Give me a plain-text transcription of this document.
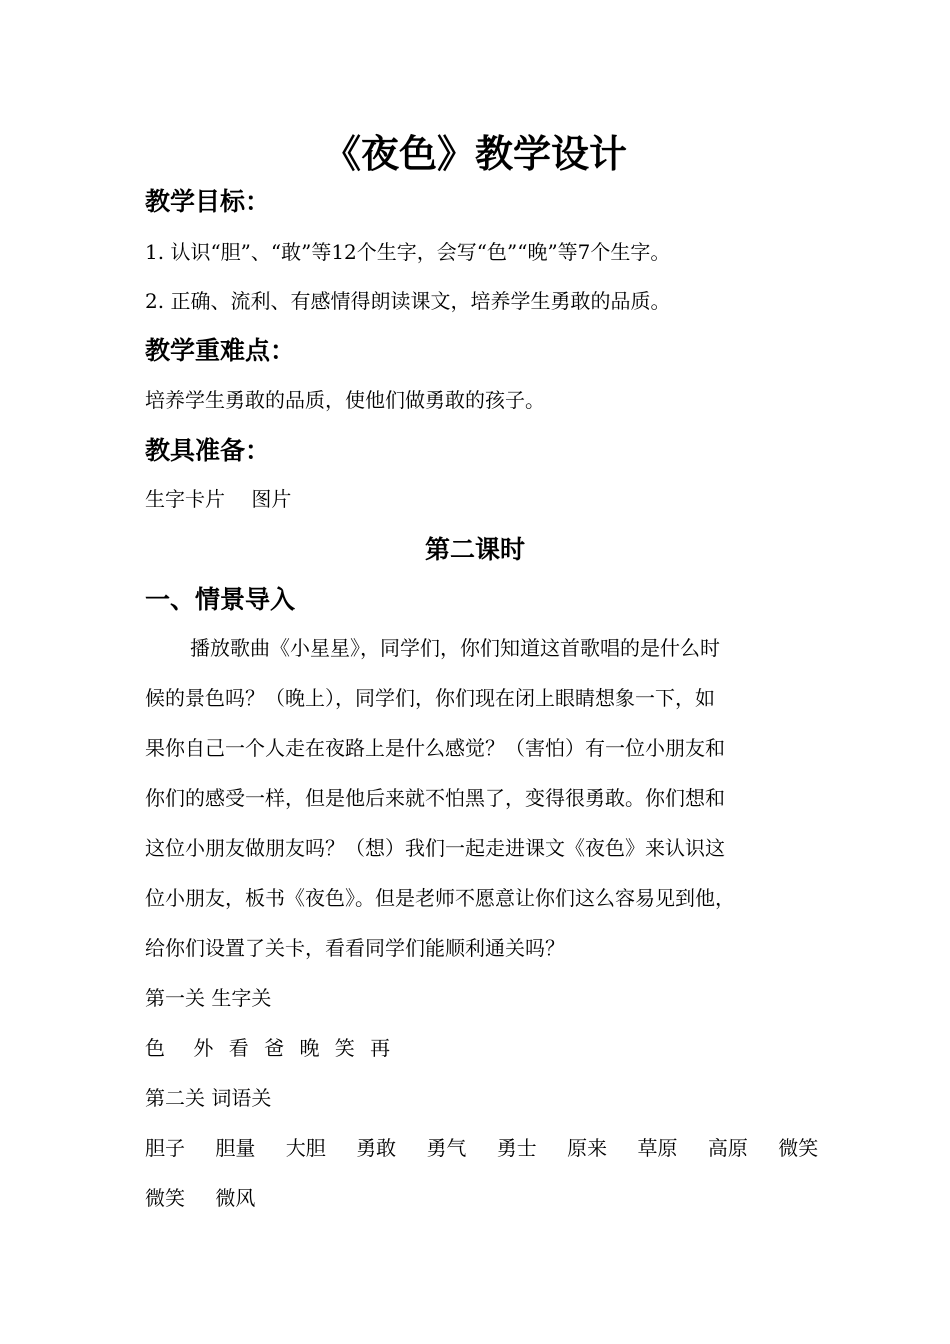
《夜色》教学设计
教学目标：
1. 认识“胆”、“敢”等12个生字，会写“色”“晚”等7个生字。
2. 正确、流利、有感情得朗读课文，培养学生勇敢的品质。
教学重难点：
培养学生勇敢的品质，使他们做勇敢的孩子。
教具准备：
生字卡片　 图片
第二课时
一、情景导入
播放歌曲《小星星》，同学们，你们知道这首歌唱的是什么时
候的景色吗？（晚上），同学们，你们现在闭上眼睛想象一下，如
果你自己一个人走在夜路上是什么感觉？（害怕）有一位小朋友和
你们的感受一样，但是他后来就不怕黑了，变得很勇敢。你们想和
这位小朋友做朋友吗？（想）我们一起走进课文《夜色》来认识这
位小朋友，板书《夜色》。但是老师不愿意让你们这么容易见到他，
给你们设置了关卡，看看同学们能顺利通关吗？
第一关 生字关
色 外 看 爸 晚 笑 再
第二关 词语关
胆子 胆量 大胆 勇敢 勇气 勇士 原来 草原 高原 微笑
微笑 微风
